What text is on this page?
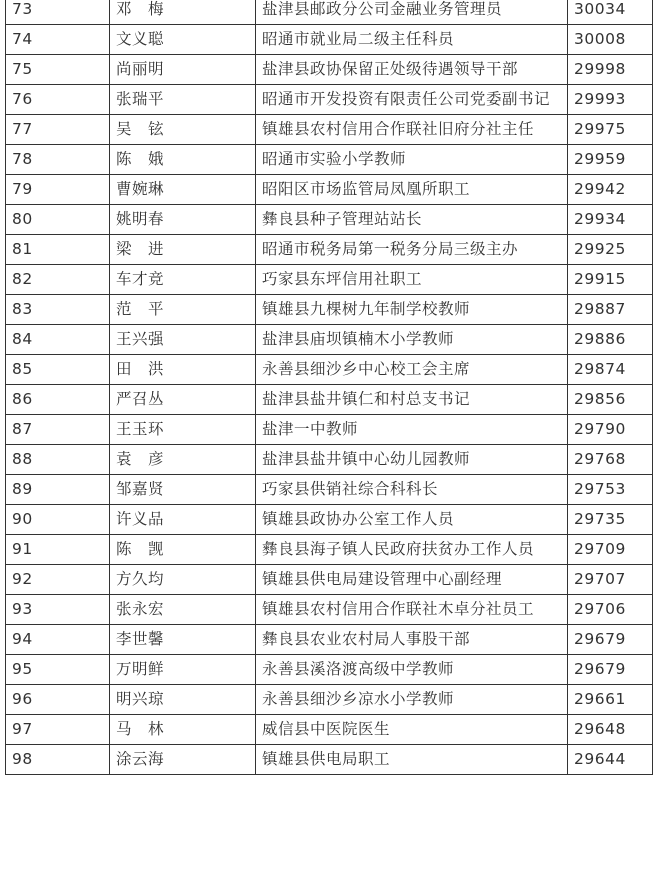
73	邓　梅	盐津县邮政分公司金融业务管理员	30034
74	文义聪	昭通市就业局二级主任科员	30008
75	尚丽明	盐津县政协保留正处级待遇领导干部	29998
76	张瑞平	昭通市开发投资有限责任公司党委副书记	29993
77	吴　铉	镇雄县农村信用合作联社旧府分社主任	29975
78	陈　娥	昭通市实验小学教师	29959
79	曹婉琳	昭阳区市场监管局凤凰所职工	29942
80	姚明春	彝良县种子管理站站长	29934
81	梁　进	昭通市税务局第一税务分局三级主办	29925
82	车才竞	巧家县东坪信用社职工	29915
83	范　平	镇雄县九棵树九年制学校教师	29887
84	王兴强	盐津县庙坝镇楠木小学教师	29886
85	田　洪	永善县细沙乡中心校工会主席	29874
86	严召丛	盐津县盐井镇仁和村总支书记	29856
87	王玉环	盐津一中教师	29790
88	袁　彦	盐津县盐井镇中心幼儿园教师	29768
89	邹嘉贤	巧家县供销社综合科科长	29753
90	许义品	镇雄县政协办公室工作人员	29735
91	陈　觊	彝良县海子镇人民政府扶贫办工作人员	29709
92	方久均	镇雄县供电局建设管理中心副经理	29707
93	张永宏	镇雄县农村信用合作联社木卓分社员工	29706
94	李世馨	彝良县农业农村局人事股干部	29679
95	万明鲜	永善县溪洛渡高级中学教师	29679
96	明兴琼	永善县细沙乡凉水小学教师	29661
97	马　林	威信县中医院医生	29648
98	涂云海	镇雄县供电局职工	29644
